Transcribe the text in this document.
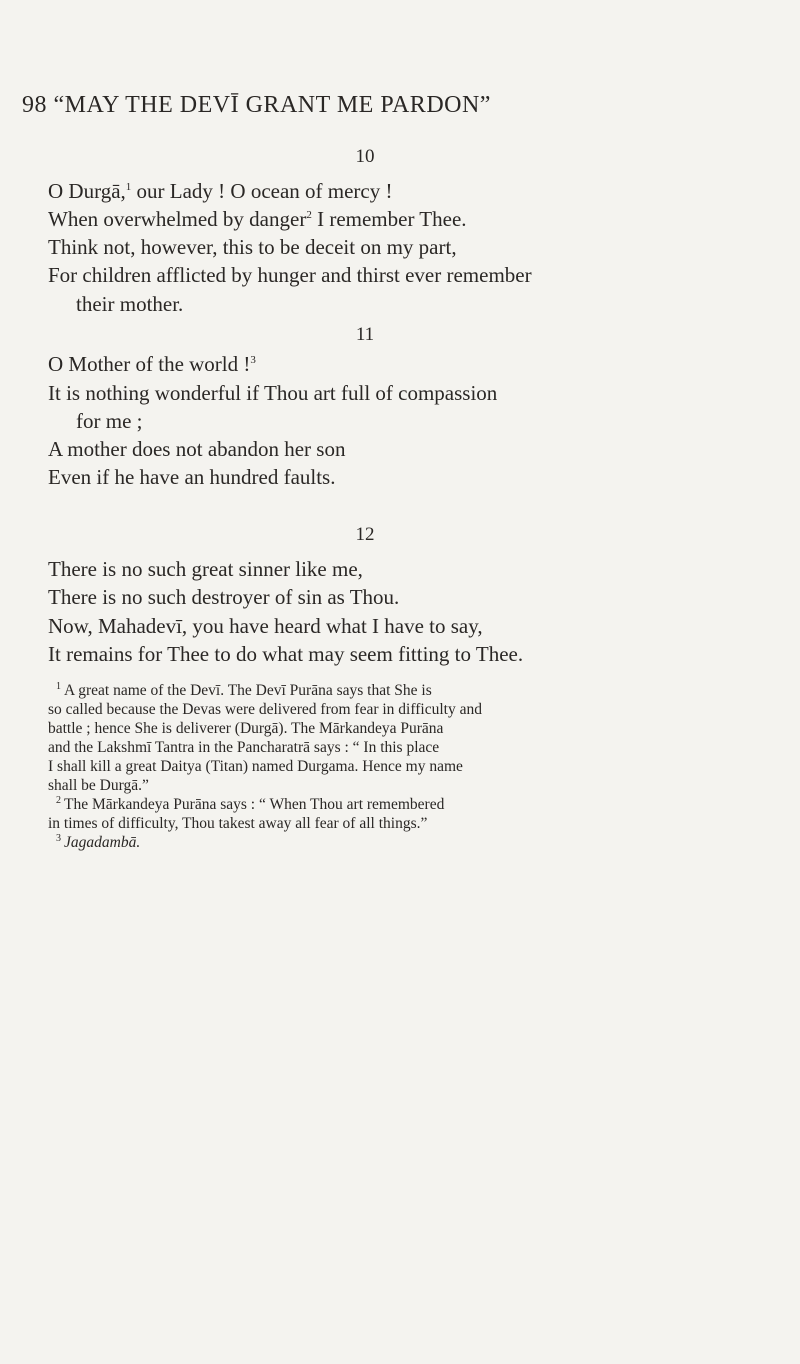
98 “MAY THE DEVĪ GRANT ME PARDON”
10
O Durgā,$^1$ our Lady ! O ocean of mercy !
When overwhelmed by danger$^2$ I remember Thee.
Think not, however, this to be deceit on my part,
For children afflicted by hunger and thirst ever remember
their mother.
11
O Mother of the world !$^3$
It is nothing wonderful if Thou art full of compassion
for me ;
A mother does not abandon her son
Even if he have an hundred faults.
12
There is no such great sinner like me,
There is no such destroyer of sin as Thou.
Now, Mahadevī, you have heard what I have to say,
It remains for Thee to do what may seem fitting to Thee.
$^1$ A great name of the Devī. The Devī Purāna says that She is
so called because the Devas were delivered from fear in difficulty and
battle ; hence She is deliverer (Durgā). The Mārkandeya Purāna
and the Lakshmī Tantra in the Pancharatrā says : “ In this place
I shall kill a great Daitya (Titan) named Durgama. Hence my name
shall be Durgā.”
$^2$ The Mārkandeya Purāna says : “ When Thou art remembered
in times of difficulty, Thou takest away all fear of all things.”
$^3$ Jagadambā.
